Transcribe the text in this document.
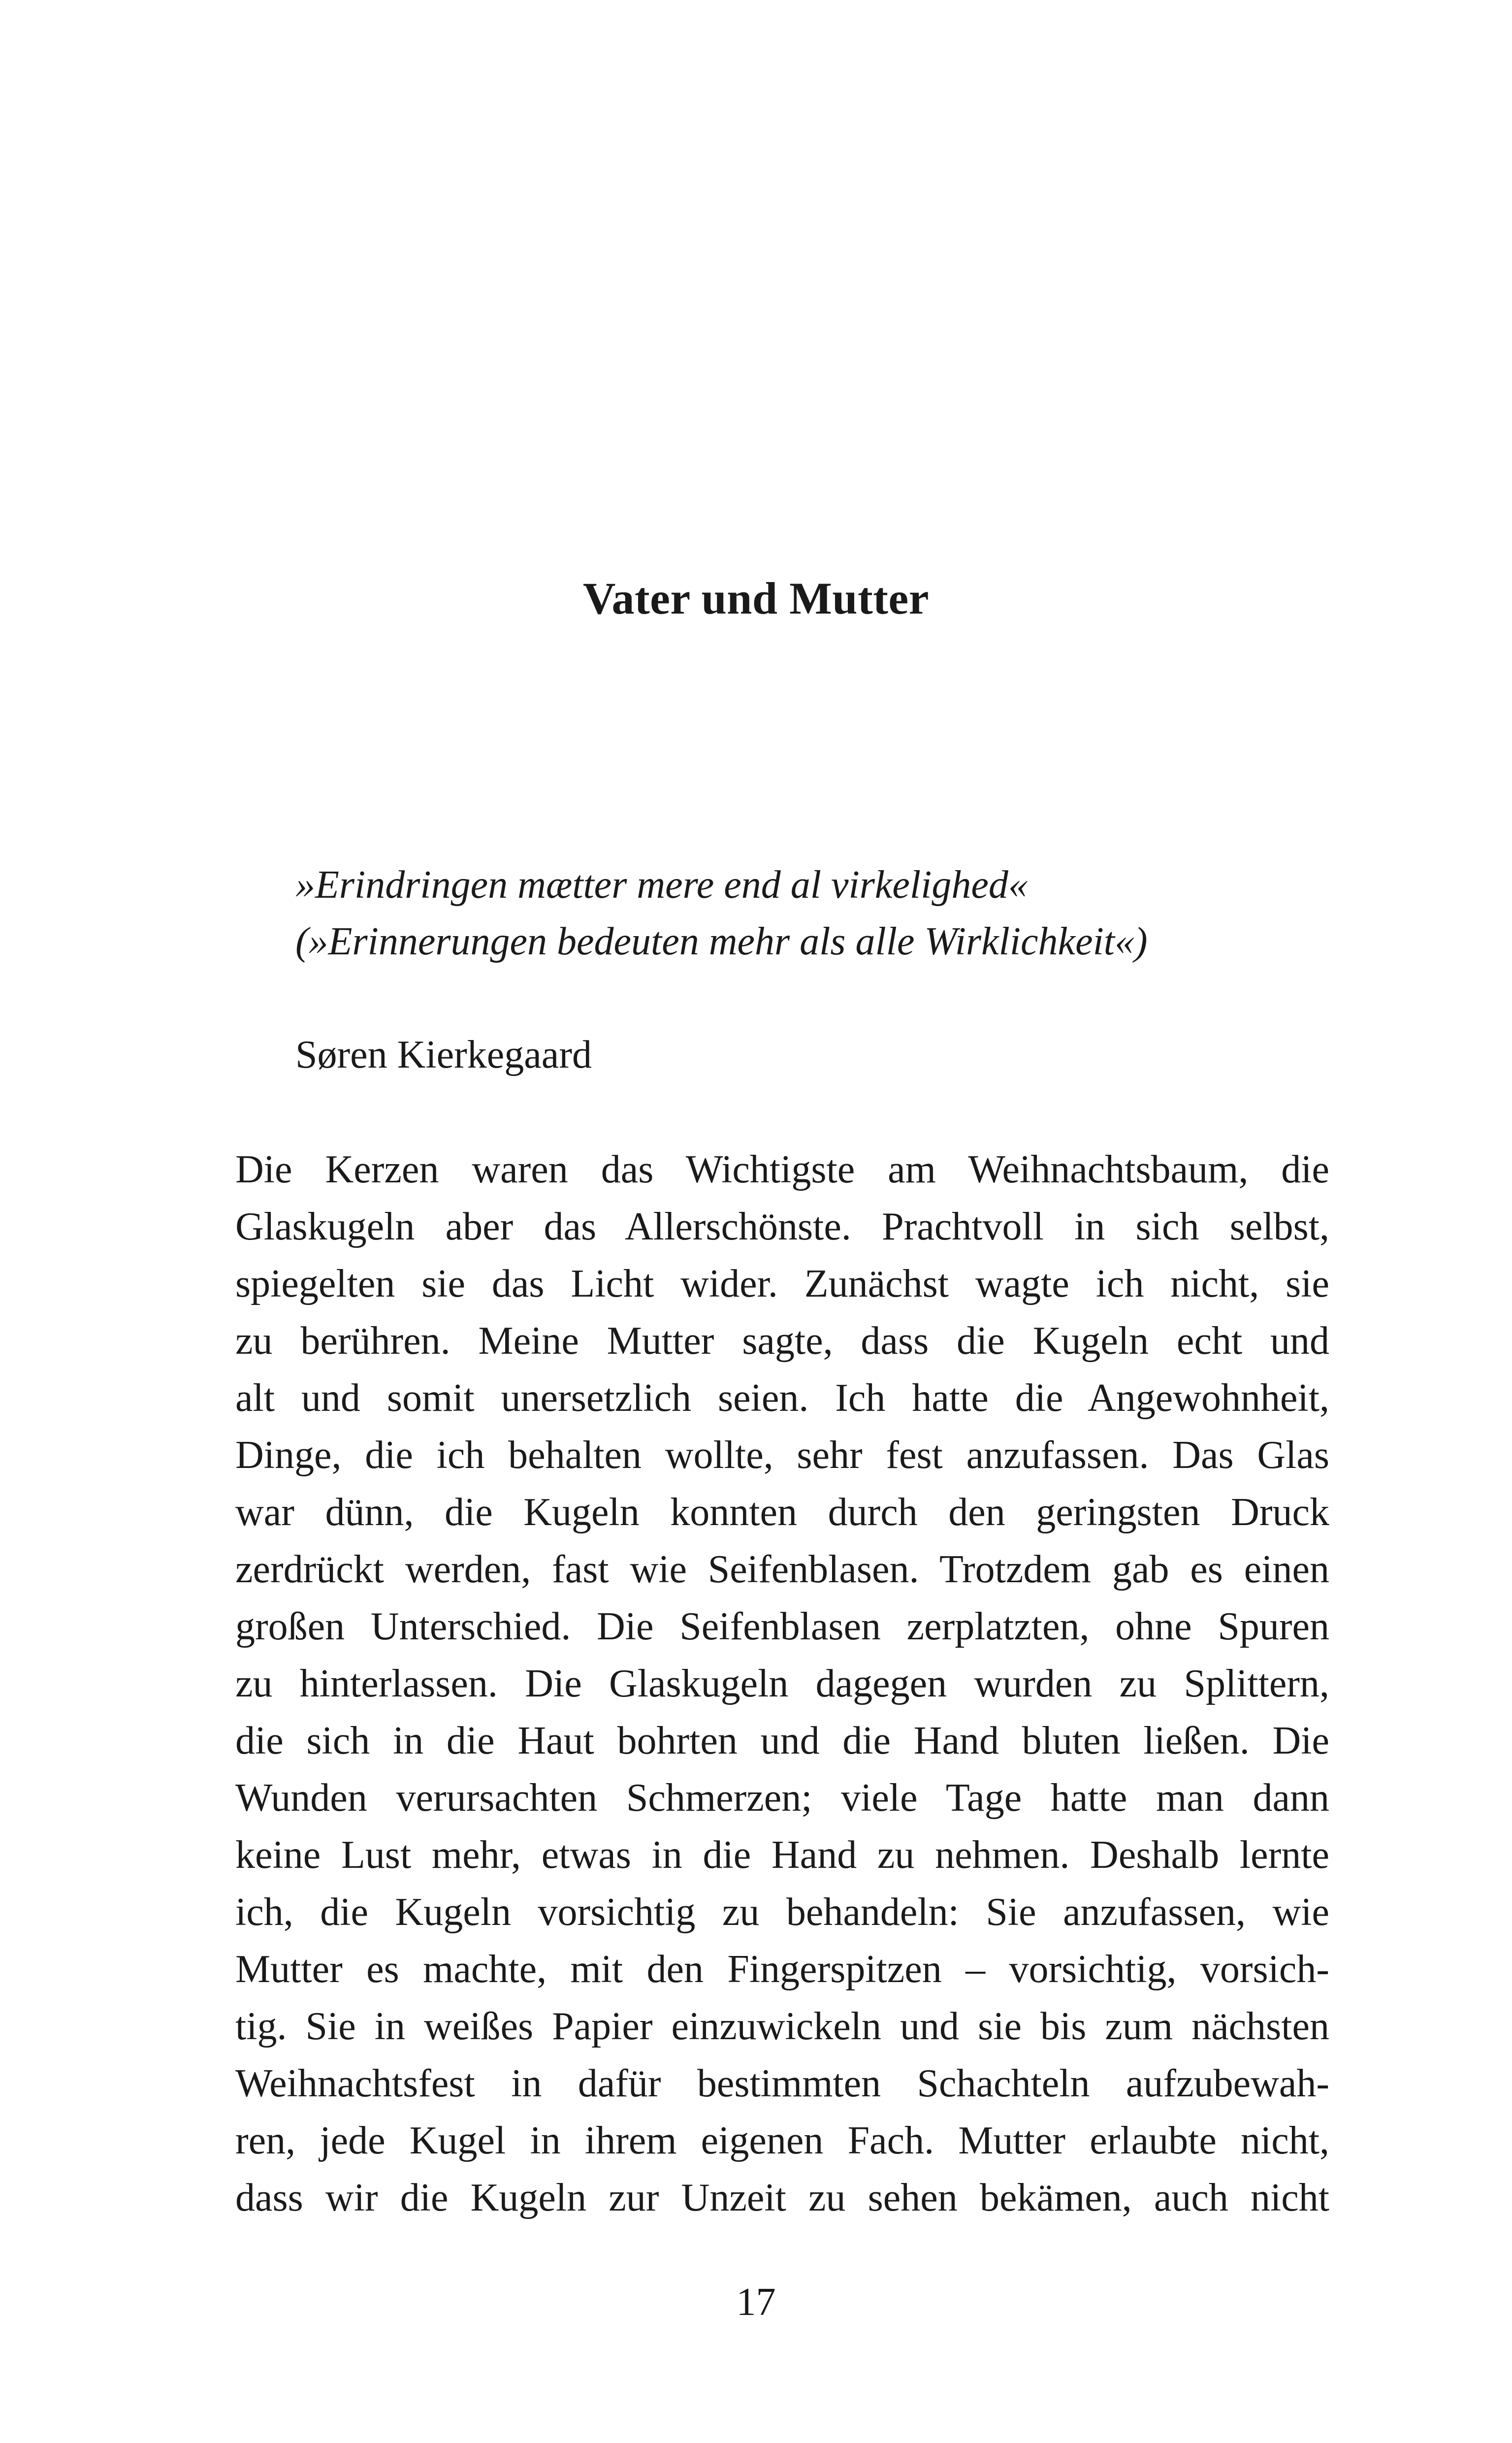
Vater und Mutter
»Erindringen mætter mere end al virkelighed«
(»Erinnerungen bedeuten mehr als alle Wirklichkeit«)
Søren Kierkegaard
Die Kerzen waren das Wichtigste am Weihnachtsbaum, die
Glaskugeln aber das Allerschönste. Prachtvoll in sich selbst,
spiegelten sie das Licht wider. Zunächst wagte ich nicht, sie
zu berühren. Meine Mutter sagte, dass die Kugeln echt und
alt und somit unersetzlich seien. Ich hatte die Angewohnheit,
Dinge, die ich behalten wollte, sehr fest anzufassen. Das Glas
war dünn, die Kugeln konnten durch den geringsten Druck
zerdrückt werden, fast wie Seifenblasen. Trotzdem gab es einen
großen Unterschied. Die Seifenblasen zerplatzten, ohne Spuren
zu hinterlassen. Die Glaskugeln dagegen wurden zu Splittern,
die sich in die Haut bohrten und die Hand bluten ließen. Die
Wunden verursachten Schmerzen; viele Tage hatte man dann
keine Lust mehr, etwas in die Hand zu nehmen. Deshalb lernte
ich, die Kugeln vorsichtig zu behandeln: Sie anzufassen, wie
Mutter es machte, mit den Fingerspitzen – vorsichtig, vorsich-
tig. Sie in weißes Papier einzuwickeln und sie bis zum nächsten
Weihnachtsfest in dafür bestimmten Schachteln aufzubewah-
ren, jede Kugel in ihrem eigenen Fach. Mutter erlaubte nicht,
dass wir die Kugeln zur Unzeit zu sehen bekämen, auch nicht
17
